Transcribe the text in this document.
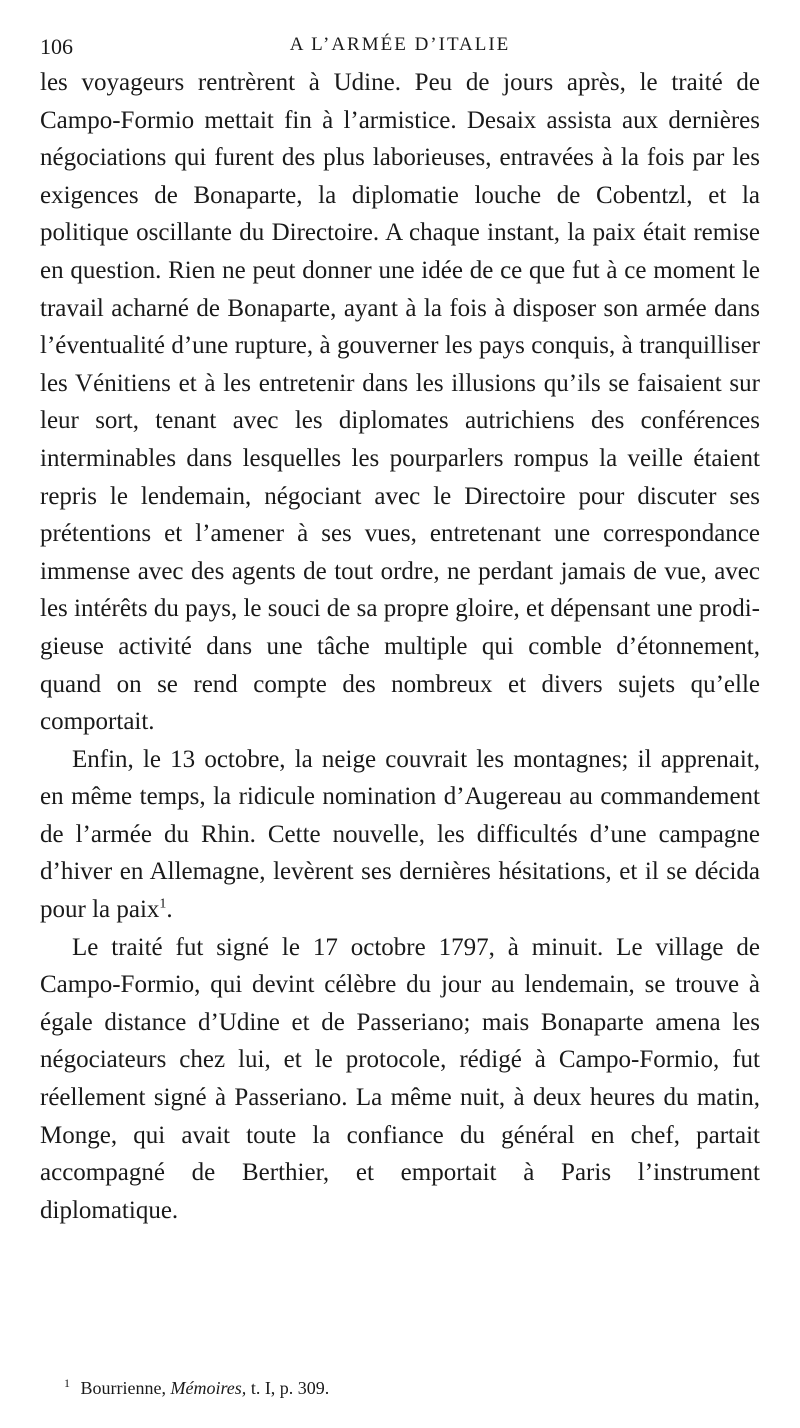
106	A L’ARMÉE D’ITALIE

les voyageurs rentrèrent à Udine. Peu de jours après, le traité de Campo-Formio mettait fin à l’armistice. Desaix assista aux dernières négociations qui furent des plus laborieuses, entravées à la fois par les exigences de Bonaparte, la diplomatie louche de Cobentzl, et la politique oscillante du Directoire. A chaque instant, la paix était remise en question. Rien ne peut donner une idée de ce que fut à ce moment le travail acharné de Bonaparte, ayant à la fois à disposer son armée dans l’éventualité d’une rupture, à gouverner les pays conquis, à tranquilliser les Vénitiens et à les entretenir dans les illusions qu’ils se faisaient sur leur sort, tenant avec les diplomates autrichiens des conférences interminables dans lesquelles les pourparlers rompus la veille étaient repris le lendemain, négociant avec le Directoire pour discuter ses prétentions et l’amener à ses vues, entretenant une correspondance immense avec des agents de tout ordre, ne perdant jamais de vue, avec les intérêts du pays, le souci de sa propre gloire, et dépensant une prodigieuse activité dans une tâche multiple qui comble d’étonnement, quand on se rend compte des nombreux et divers sujets qu’elle comportait.

Enfin, le 13 octobre, la neige couvrait les montagnes; il apprenait, en même temps, la ridicule nomination d’Augereau au commandement de l’armée du Rhin. Cette nouvelle, les difficultés d’une campagne d’hiver en Allemagne, levèrent ses dernières hésitations, et il se décida pour la paix$^1$.

Le traité fut signé le 17 octobre 1797, à minuit. Le village de Campo-Formio, qui devint célèbre du jour au lendemain, se trouve à égale distance d’Udine et de Passeriano; mais Bonaparte amena les négociateurs chez lui, et le protocole, rédigé à Campo-Formio, fut réellement signé à Passeriano. La même nuit, à deux heures du matin, Monge, qui avait toute la confiance du général en chef, partait accompagné de Berthier, et emportait à Paris l’instrument diplomatique.

$^1$ Bourrienne, Mémoires, t. I, p. 309.
